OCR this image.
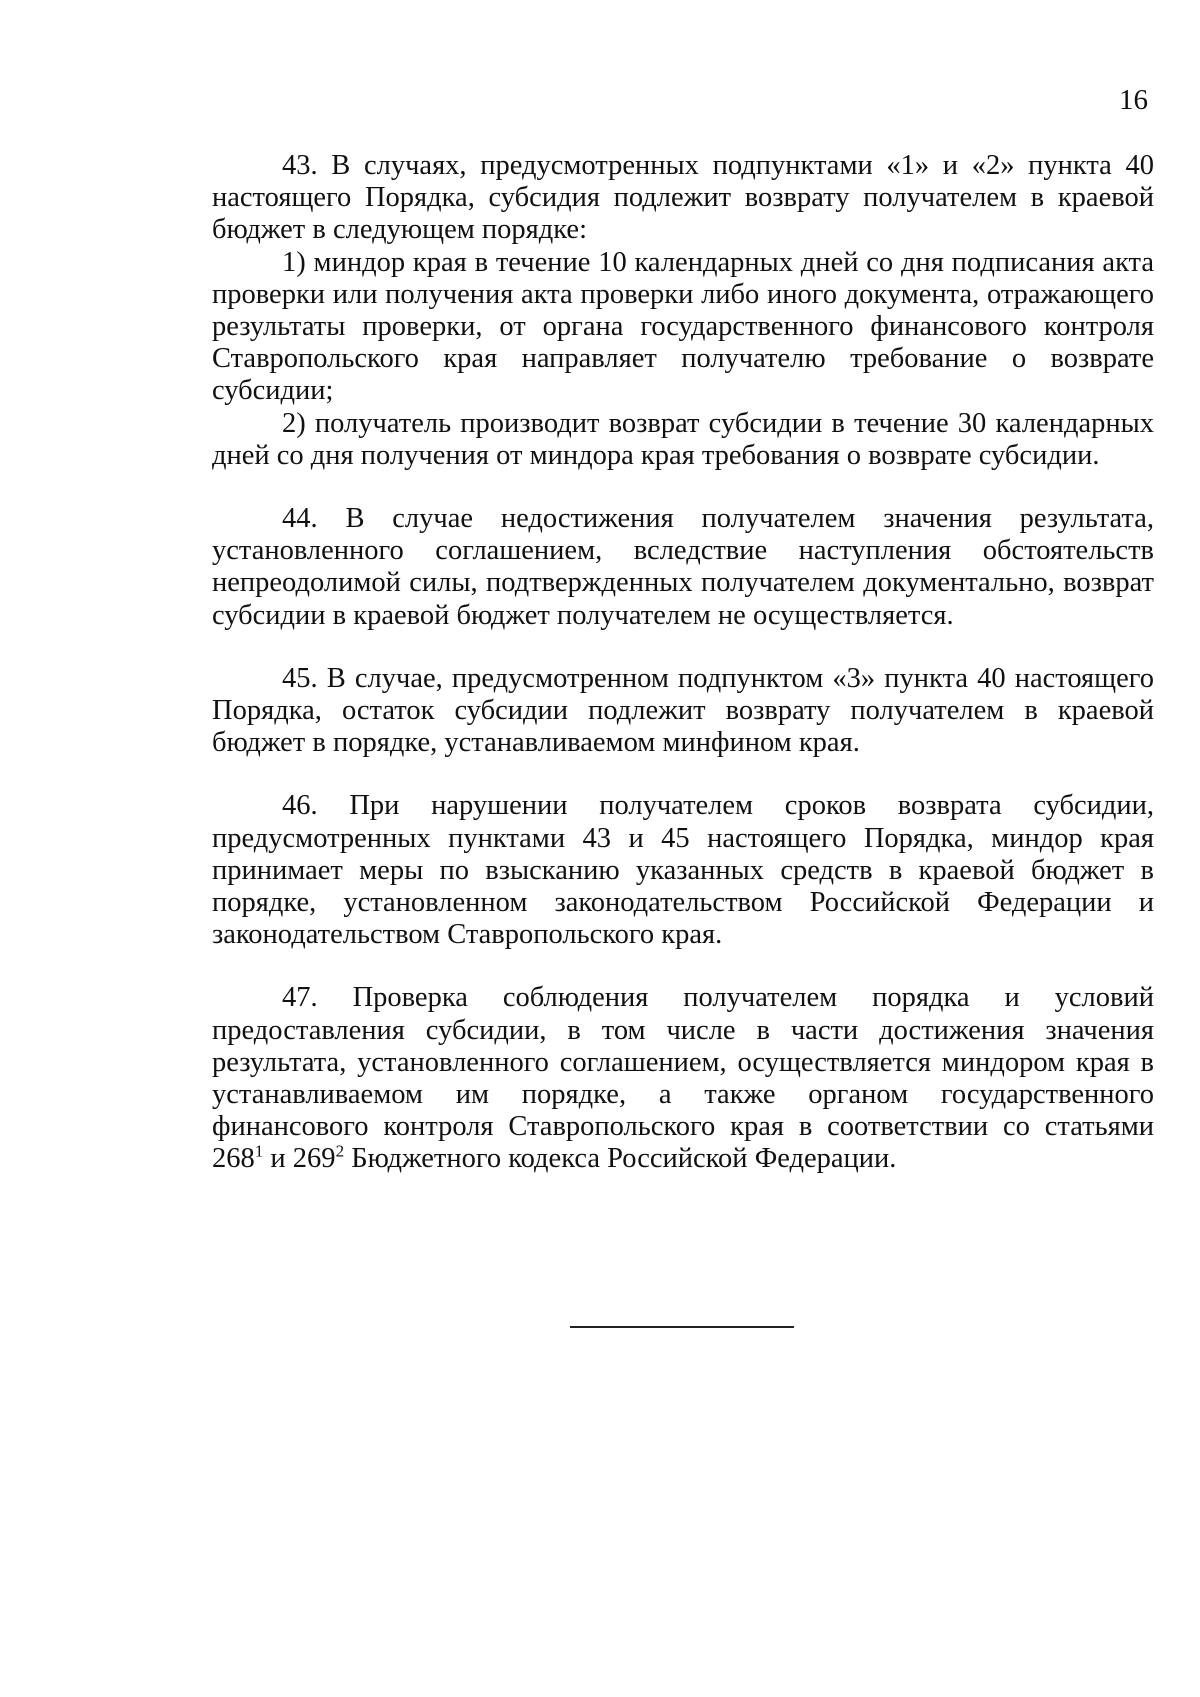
16

43. В случаях, предусмотренных подпунктами «1» и «2» пункта 40 настоящего Порядка, субсидия подлежит возврату получателем в краевой бюджет в следующем порядке:

1) миндор края в течение 10 календарных дней со дня подписания акта проверки или получения акта проверки либо иного документа, отражающего результаты проверки, от органа государственного финансового контроля Ставропольского края направляет получателю требование о возврате субсидии;

2) получатель производит возврат субсидии в течение 30 календарных дней со дня получения от миндора края требования о возврате субсидии.

44. В случае недостижения получателем значения результата, установленного соглашением, вследствие наступления обстоятельств непреодолимой силы, подтвержденных получателем документально, возврат субсидии в краевой бюджет получателем не осуществляется.

45. В случае, предусмотренном подпунктом «3» пункта 40 настоящего Порядка, остаток субсидии подлежит возврату получателем в краевой бюджет в порядке, устанавливаемом минфином края.

46. При нарушении получателем сроков возврата субсидии, предусмотренных пунктами 43 и 45 настоящего Порядка, миндор края принимает меры по взысканию указанных средств в краевой бюджет в порядке, установленном законодательством Российской Федерации и законодательством Ставропольского края.

47. Проверка соблюдения получателем порядка и условий предоставления субсидии, в том числе в части достижения значения результата, установленного соглашением, осуществляется миндором края в устанавливаемом им порядке, а также органом государственного финансового контроля Ставропольского края в соответствии со статьями $268^1$ и $269^2$ Бюджетного кодекса Российской Федерации.
